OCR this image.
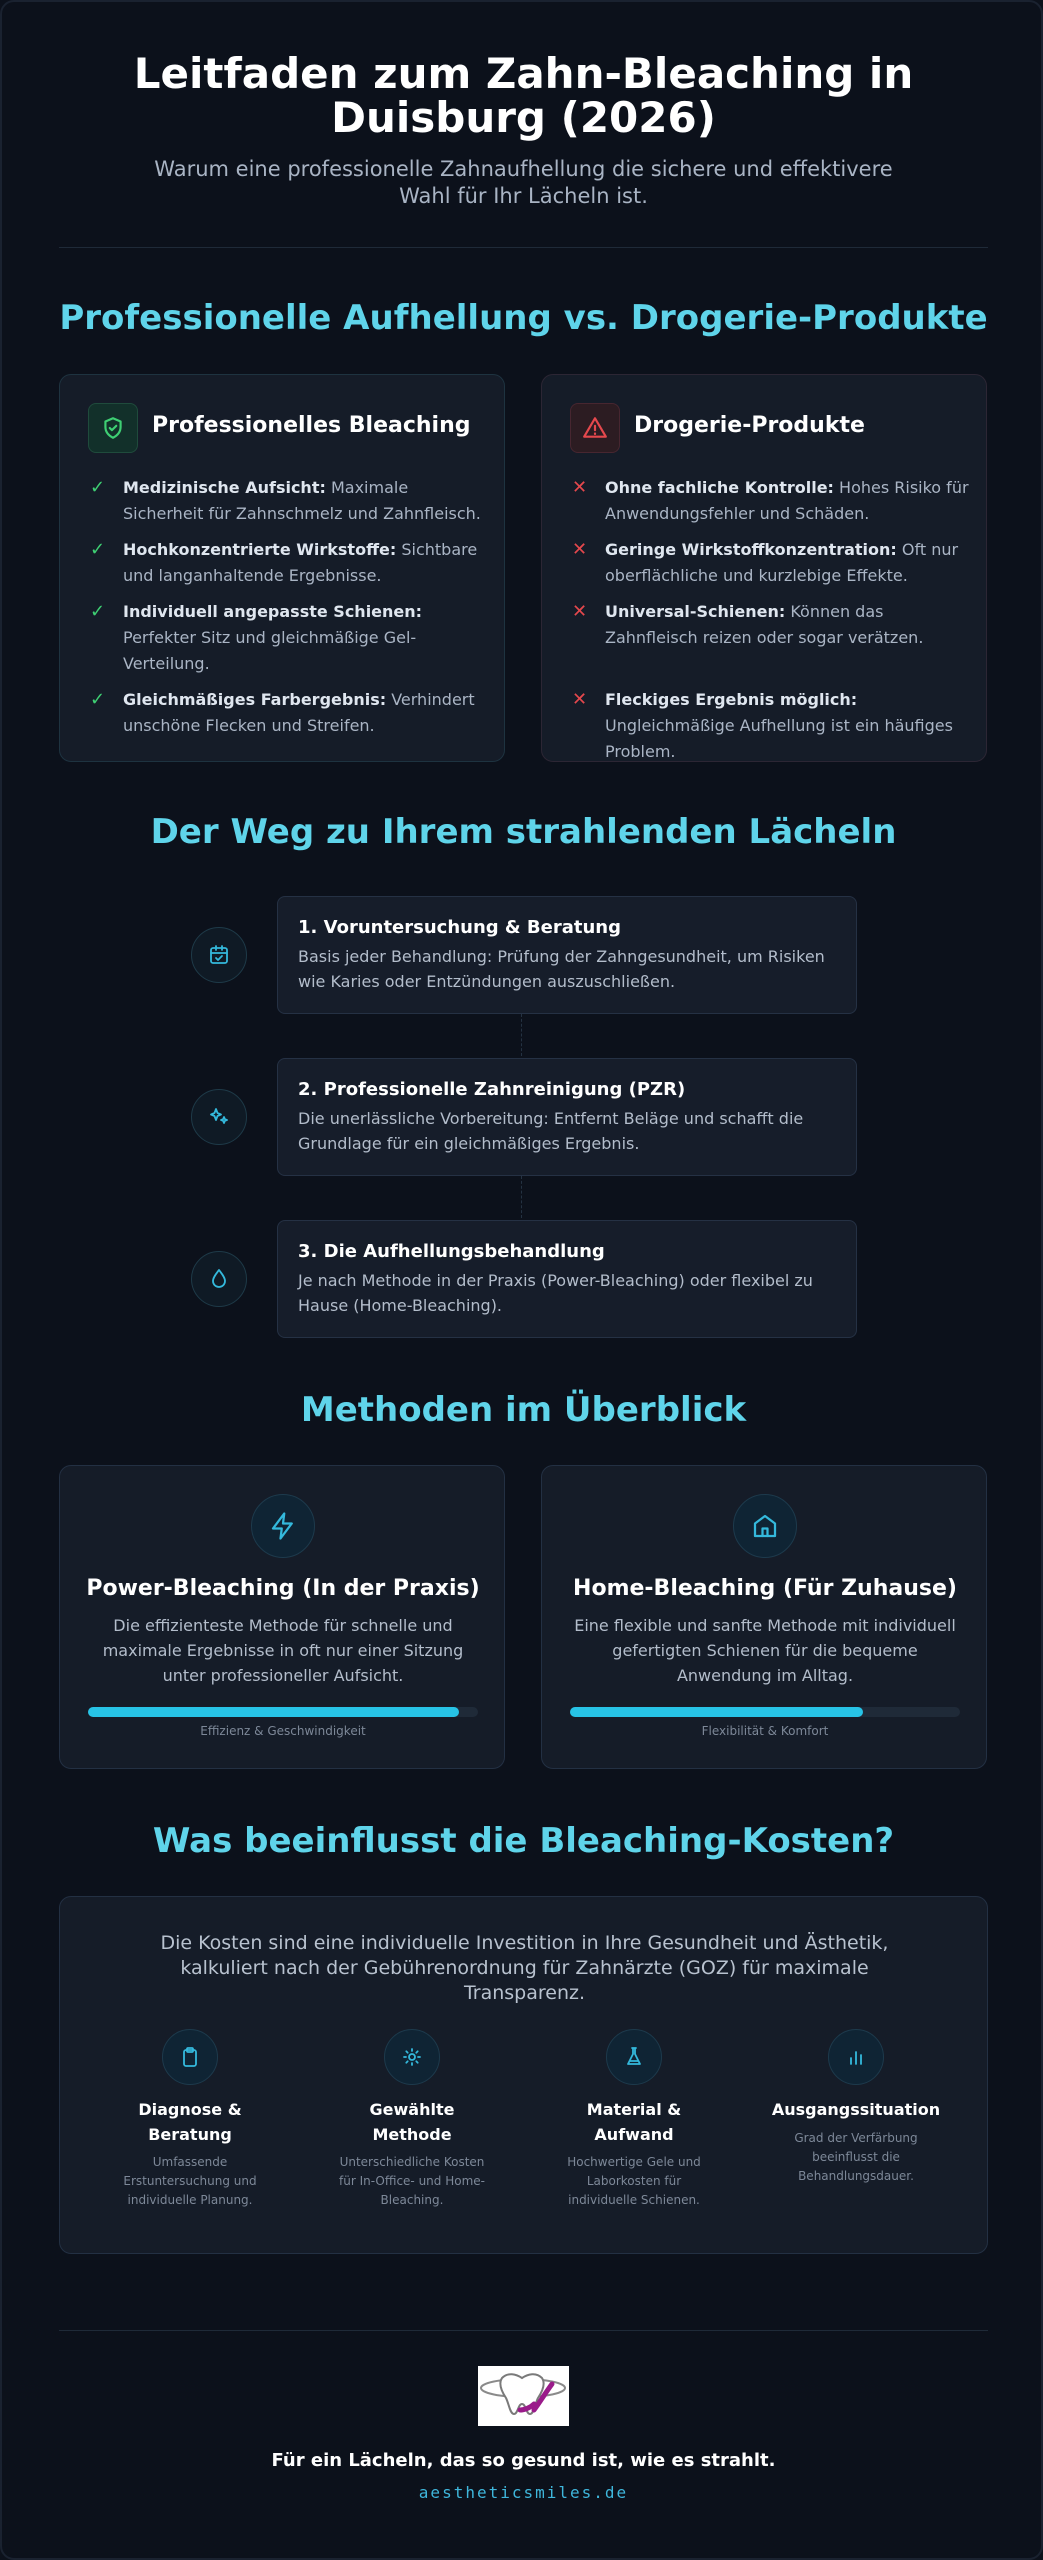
Leitfaden zum Zahn-Bleaching in Duisburg (2026)
Warum eine professionelle Zahnaufhellung die sichere und effektivere Wahl für Ihr Lächeln ist.
Professionelle Aufhellung vs. Drogerie-Produkte
Professionelles Bleaching
✓ Medizinische Aufsicht: Maximale Sicherheit für Zahnschmelz und Zahnfleisch.
✓ Hochkonzentrierte Wirkstoffe: Sichtbare und langanhaltende Ergebnisse.
✓ Individuell angepasste Schienen: Perfekter Sitz und gleichmäßige Gel-Verteilung.
✓ Gleichmäßiges Farbergebnis: Verhindert unschöne Flecken und Streifen.
Drogerie-Produkte
✕ Ohne fachliche Kontrolle: Hohes Risiko für Anwendungsfehler und Schäden.
✕ Geringe Wirkstoffkonzentration: Oft nur oberflächliche und kurzlebige Effekte.
✕ Universal-Schienen: Können das Zahnfleisch reizen oder sogar verätzen.
✕ Fleckiges Ergebnis möglich: Ungleichmäßige Aufhellung ist ein häufiges Problem.
Der Weg zu Ihrem strahlenden Lächeln
1. Voruntersuchung & Beratung
Basis jeder Behandlung: Prüfung der Zahngesundheit, um Risiken wie Karies oder Entzündungen auszuschließen.
2. Professionelle Zahnreinigung (PZR)
Die unerlässliche Vorbereitung: Entfernt Beläge und schafft die Grundlage für ein gleichmäßiges Ergebnis.
3. Die Aufhellungsbehandlung
Je nach Methode in der Praxis (Power-Bleaching) oder flexibel zu Hause (Home-Bleaching).
Methoden im Überblick
Power-Bleaching (In der Praxis)
Die effizienteste Methode für schnelle und maximale Ergebnisse in oft nur einer Sitzung unter professioneller Aufsicht.
Effizienz & Geschwindigkeit
Home-Bleaching (Für Zuhause)
Eine flexible und sanfte Methode mit individuell gefertigten Schienen für die bequeme Anwendung im Alltag.
Flexibilität & Komfort
Was beeinflusst die Bleaching-Kosten?
Die Kosten sind eine individuelle Investition in Ihre Gesundheit und Ästhetik, kalkuliert nach der Gebührenordnung für Zahnärzte (GOZ) für maximale Transparenz.
Diagnose & Beratung
Umfassende Erstuntersuchung und individuelle Planung.
Gewählte Methode
Unterschiedliche Kosten für In-Office- und Home-Bleaching.
Material & Aufwand
Hochwertige Gele und Laborkosten für individuelle Schienen.
Ausgangssituation
Grad der Verfärbung beeinflusst die Behandlungsdauer.
Für ein Lächeln, das so gesund ist, wie es strahlt.
aestheticsmiles.de
